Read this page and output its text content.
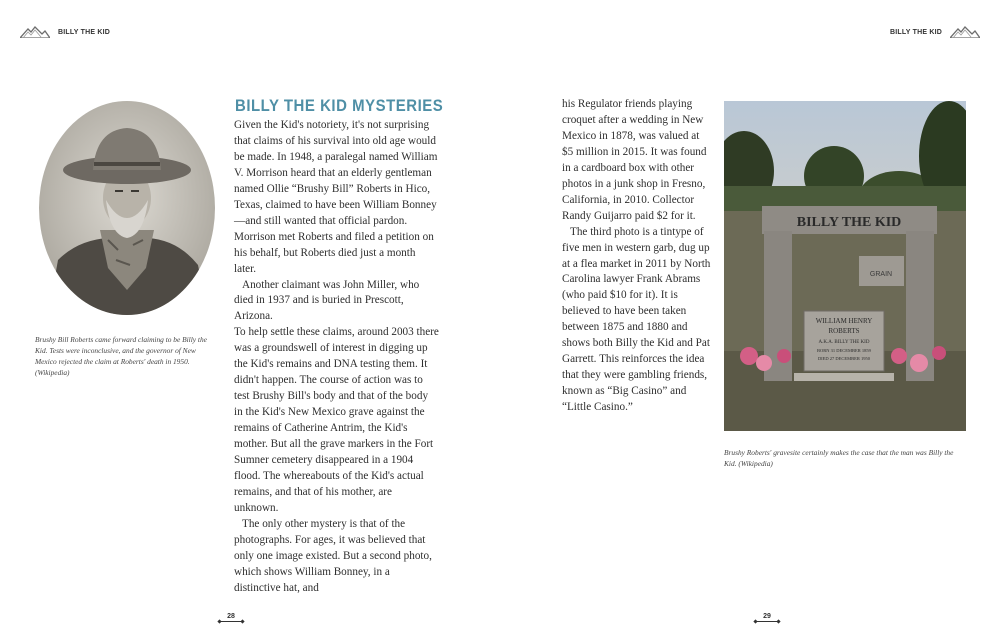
BILLY THE KID	BILLY THE KID
Brushy Bill Roberts came forward claiming to be Billy the Kid. Tests were inconclusive, and the governor of New Mexico rejected the claim at Roberts' death in 1950. (Wikipedia)
BILLY THE KID MYSTERIES

Given the Kid's notoriety, it's not surprising that claims of his survival into old age would be made. In 1948, a paralegal named William V. Morrison heard that an elderly gentleman named Ollie “Brushy Bill” Roberts in Hico, Texas, claimed to have been William Bonney—and still wanted that official pardon. Morrison met Roberts and filed a petition on his behalf, but Roberts died just a month later.

Another claimant was John Miller, who died in 1937 and is buried in Prescott, Arizona.

To help settle these claims, around 2003 there was a groundswell of interest in digging up the Kid's remains and DNA testing them. It didn't happen. The course of action was to test Brushy Bill's body and that of the body in the Kid's New Mexico grave against the remains of Catherine Antrim, the Kid's mother. But all the grave markers in the Fort Sumner cemetery disappeared in a 1904 flood. The whereabouts of the Kid's actual remains, and that of his mother, are unknown.

The only other mystery is that of the photographs. For ages, it was believed that only one image existed. But a second photo, which shows William Bonney, in a distinctive hat, and

his Regulator friends playing croquet after a wedding in New Mexico in 1878, was valued at $5 million in 2015. It was found in a cardboard box with other photos in a junk shop in Fresno, California, in 2010. Collector Randy Guijarro paid $2 for it.

The third photo is a tintype of five men in western garb, dug up at a flea market in 2011 by North Carolina lawyer Frank Abrams (who paid $10 for it). It is believed to have been taken between 1875 and 1880 and shows both Billy the Kid and Pat Garrett. This reinforces the idea that they were gambling friends, known as “Big Casino” and “Little Casino.”

BILLY THE KID
GRAIN
WILLIAM HENRY
ROBERTS
A.K.A. BILLY THE KID
BORN 31 DECEMBER 1859
DIED 27 DECEMBER 1950
Brushy Roberts' gravesite certainly makes the case that the man was Billy the Kid. (Wikipedia)
28	29
